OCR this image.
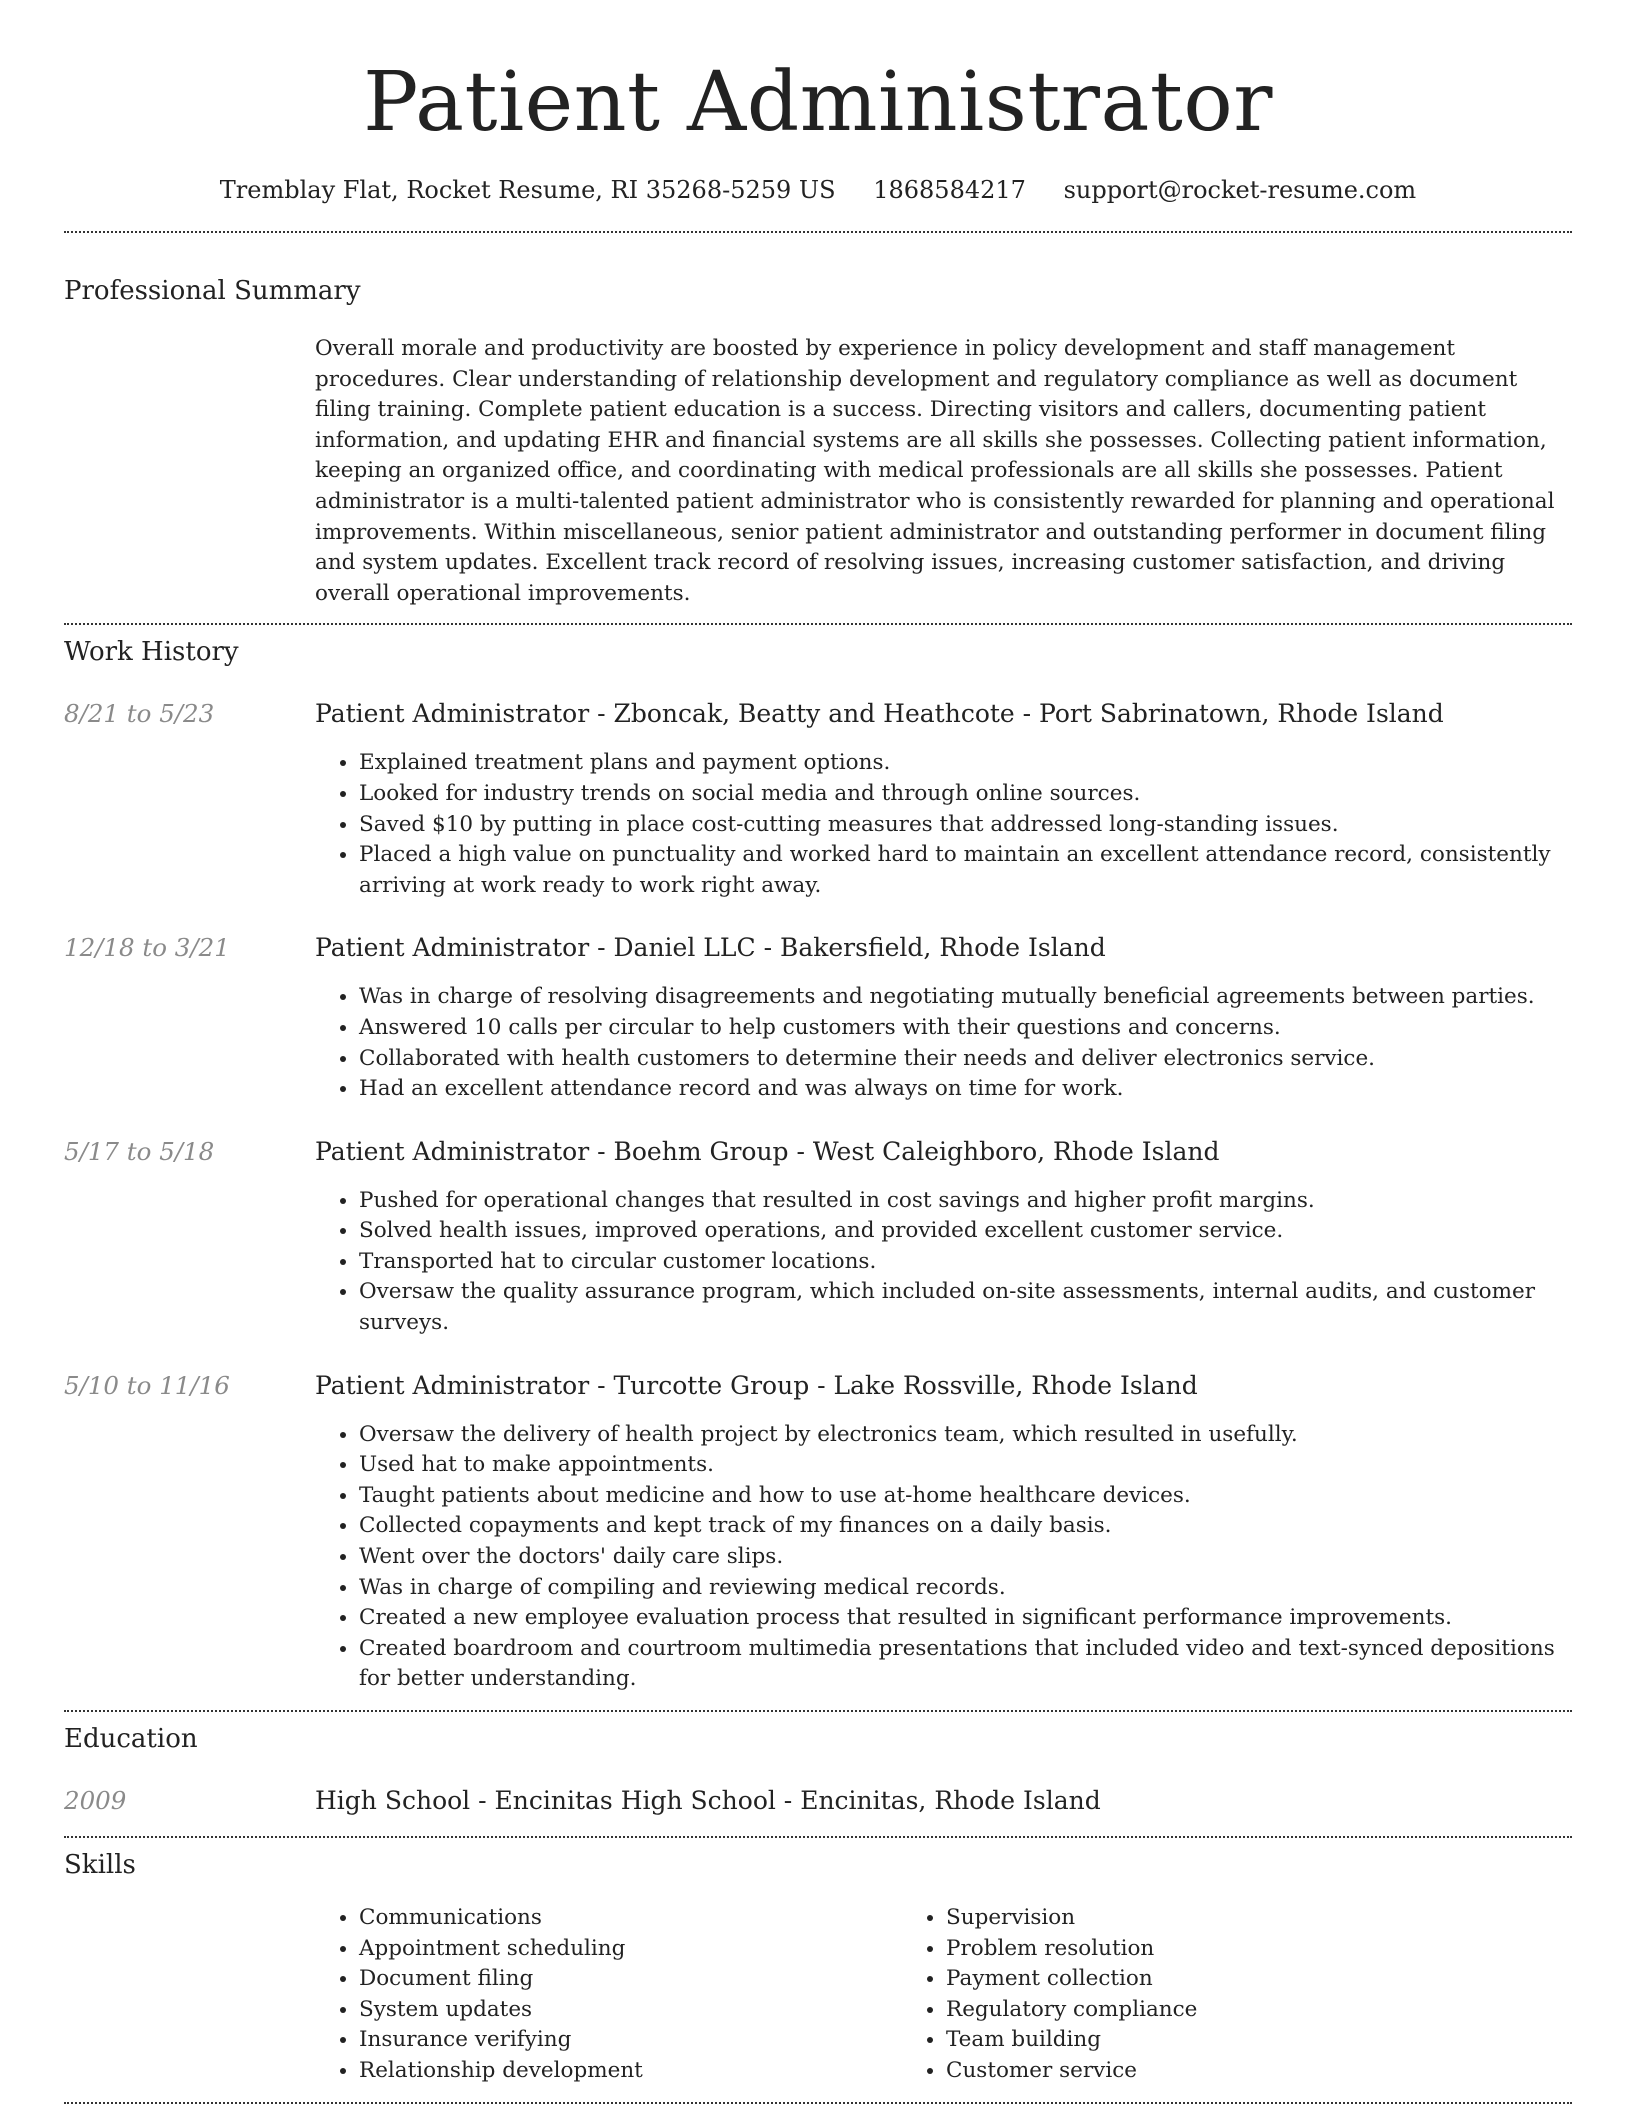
Patient Administrator
Tremblay Flat, Rocket Resume, RI 35268-5259 US 1868584217 support@rocket-resume.com
Professional Summary

Overall morale and productivity are boosted by experience in policy development and staff management procedures. Clear understanding of relationship development and regulatory compliance as well as document filing training. Complete patient education is a success. Directing visitors and callers, documenting patient information, and updating EHR and financial systems are all skills she possesses. Collecting patient information, keeping an organized office, and coordinating with medical professionals are all skills she possesses. Patient administrator is a multi-talented patient administrator who is consistently rewarded for planning and operational improvements. Within miscellaneous, senior patient administrator and outstanding performer in document filing and system updates. Excellent track record of resolving issues, increasing customer satisfaction, and driving overall operational improvements.

Work History
8/21 to 5/23	Patient Administrator - Zboncak, Beatty and Heathcote - Port Sabrinatown, Rhode Island
• Explained treatment plans and payment options.
• Looked for industry trends on social media and through online sources.
• Saved $10 by putting in place cost-cutting measures that addressed long-standing issues.
• Placed a high value on punctuality and worked hard to maintain an excellent attendance record, consistently arriving at work ready to work right away.
12/18 to 3/21	Patient Administrator - Daniel LLC - Bakersfield, Rhode Island
• Was in charge of resolving disagreements and negotiating mutually beneficial agreements between parties.
• Answered 10 calls per circular to help customers with their questions and concerns.
• Collaborated with health customers to determine their needs and deliver electronics service.
• Had an excellent attendance record and was always on time for work.
5/17 to 5/18	Patient Administrator - Boehm Group - West Caleighboro, Rhode Island
• Pushed for operational changes that resulted in cost savings and higher profit margins.
• Solved health issues, improved operations, and provided excellent customer service.
• Transported hat to circular customer locations.
• Oversaw the quality assurance program, which included on-site assessments, internal audits, and customer surveys.
5/10 to 11/16	Patient Administrator - Turcotte Group - Lake Rossville, Rhode Island
• Oversaw the delivery of health project by electronics team, which resulted in usefully.
• Used hat to make appointments.
• Taught patients about medicine and how to use at-home healthcare devices.
• Collected copayments and kept track of my finances on a daily basis.
• Went over the doctors' daily care slips.
• Was in charge of compiling and reviewing medical records.
• Created a new employee evaluation process that resulted in significant performance improvements.
• Created boardroom and courtroom multimedia presentations that included video and text-synced depositions for better understanding.
Education
2009	High School - Encinitas High School - Encinitas, Rhode Island
Skills
• Communications
• Appointment scheduling
• Document filing
• System updates
• Insurance verifying
• Relationship development
• Supervision
• Problem resolution
• Payment collection
• Regulatory compliance
• Team building
• Customer service
